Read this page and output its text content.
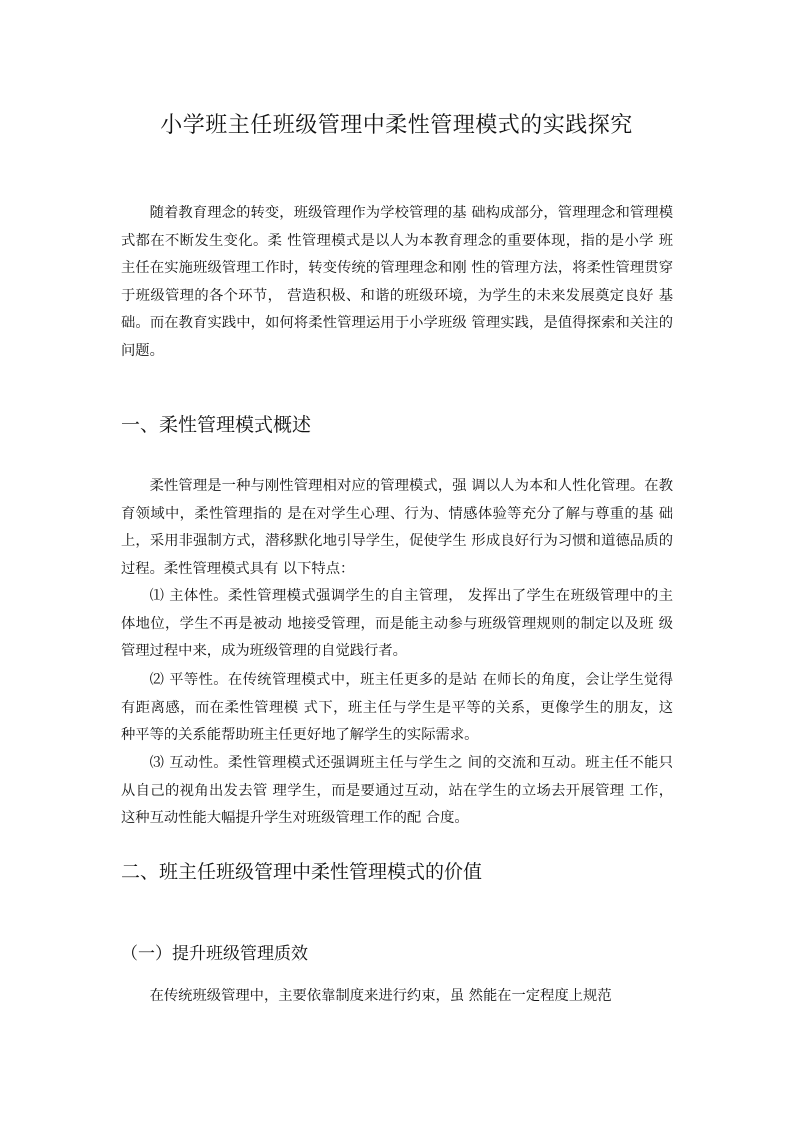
小学班主任班级管理中柔性管理模式的实践探究

随着教育理念的转变，班级管理作为学校管理的基 础构成部分，管理理念和管理模式都在不断发生变化。柔 性管理模式是以人为本教育理念的重要体现，指的是小学 班主任在实施班级管理工作时，转变传统的管理理念和刚 性的管理方法，将柔性管理贯穿于班级管理的各个环节， 营造积极、和谐的班级环境，为学生的未来发展奠定良好 基础。而在教育实践中，如何将柔性管理运用于小学班级 管理实践，是值得探索和关注的问题。

一、柔性管理模式概述

柔性管理是一种与刚性管理相对应的管理模式，强 调以人为本和人性化管理。在教育领域中，柔性管理指的 是在对学生心理、行为、情感体验等充分了解与尊重的基 础上，采用非强制方式，潜移默化地引导学生，促使学生 形成良好行为习惯和道德品质的过程。柔性管理模式具有 以下特点：

⑴ 主体性。柔性管理模式强调学生的自主管理， 发挥出了学生在班级管理中的主体地位，学生不再是被动 地接受管理，而是能主动参与班级管理规则的制定以及班 级管理过程中来，成为班级管理的自觉践行者。

⑵ 平等性。在传统管理模式中，班主任更多的是站 在师长的角度，会让学生觉得有距离感，而在柔性管理模 式下，班主任与学生是平等的关系，更像学生的朋友，这 种平等的关系能帮助班主任更好地了解学生的实际需求。

⑶ 互动性。柔性管理模式还强调班主任与学生之 间的交流和互动。班主任不能只从自己的视角出发去管 理学生，而是要通过互动，站在学生的立场去开展管理 工作，这种互动性能大幅提升学生对班级管理工作的配 合度。

二、班主任班级管理中柔性管理模式的价值
（一）提升班级管理质效

在传统班级管理中，主要依靠制度来进行约束，虽 然能在一定程度上规范
